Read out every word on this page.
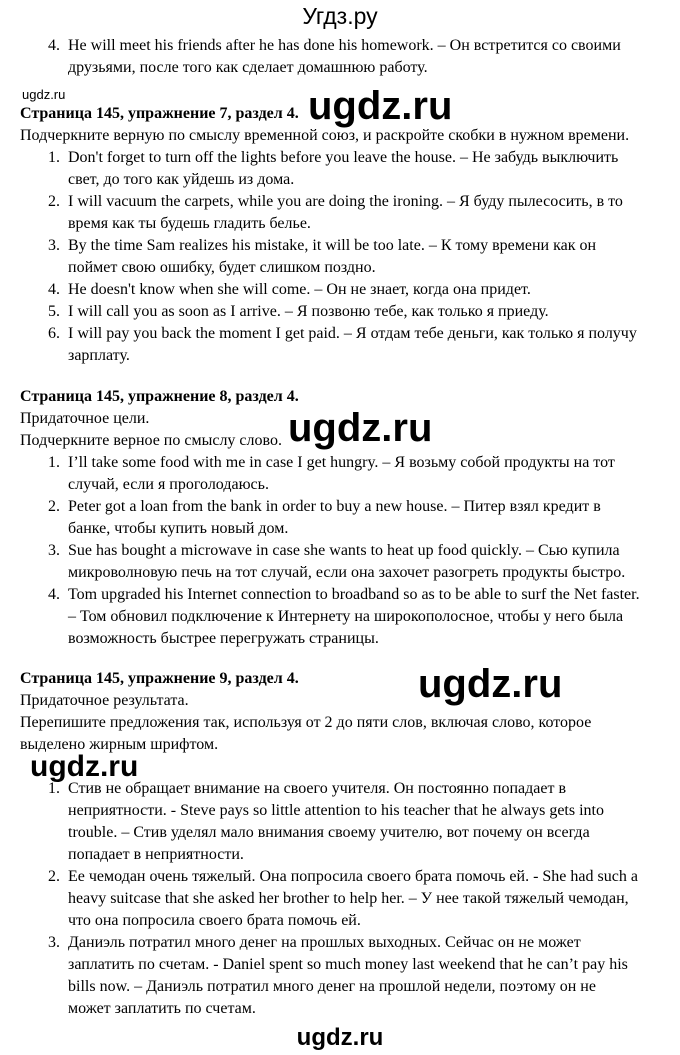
Угдз.ру
4. He will meet his friends after he has done his homework. – Он встретится со своими
друзьями, после того как сделает домашнюю работу.
ugdz.ru	ugdz.ru
Страница 145, упражнение 7, раздел 4.
Подчеркните верную по смыслу временной союз, и раскройте скобки в нужном времени.
1. Don't forget to turn off the lights before you leave the house. – Не забудь выключить
свет, до того как уйдешь из дома.
2. I will vacuum the carpets, while you are doing the ironing. – Я буду пылесосить, в то
время как ты будешь гладить белье.
3. By the time Sam realizes his mistake, it will be too late. – К тому времени как он
поймет свою ошибку, будет слишком поздно.
4. He doesn't know when she will come. – Он не знает, когда она придет.
5. I will call you as soon as I arrive. – Я позвоню тебе, как только я приеду.
6. I will pay you back the moment I get paid. – Я отдам тебе деньги, как только я получу
зарплату.
Страница 145, упражнение 8, раздел 4.
Придаточное цели.
Подчеркните верное по смыслу слово. ugdz.ru
1. I’ll take some food with me in case I get hungry. – Я возьму собой продукты на тот
случай, если я проголодаюсь.
2. Peter got a loan from the bank in order to buy a new house. – Питер взял кредит в
банке, чтобы купить новый дом.
3. Sue has bought a microwave in case she wants to heat up food quickly. – Сью купила
микроволновую печь на тот случай, если она захочет разогреть продукты быстро.
4. Tom upgraded his Internet connection to broadband so as to be able to surf the Net faster.
– Том обновил подключение к Интернету на широкополосное, чтобы у него была
возможность быстрее перегружать страницы.
Страница 145, упражнение 9, раздел 4.	ugdz.ru
Придаточное результата.
Перепишите предложения так, используя от 2 до пяти слов, включая слово, которое
выделено жирным шрифтом.
ugdz.ru
1. Стив не обращает внимание на своего учителя. Он постоянно попадает в
неприятности. - Steve pays so little attention to his teacher that he always gets into
trouble. – Стив уделял мало внимания своему учителю, вот почему он всегда
попадает в неприятности.
2. Ее чемодан очень тяжелый. Она попросила своего брата помочь ей. - She had such a
heavy suitcase that she asked her brother to help her. – У нее такой тяжелый чемодан,
что она попросила своего брата помочь ей.
3. Даниэль потратил много денег на прошлых выходных. Сейчас он не может
заплатить по счетам. - Daniel spent so much money last weekend that he can’t pay his
bills now. – Даниэль потратил много денег на прошлой недели, поэтому он не
может заплатить по счетам.
ugdz.ru
